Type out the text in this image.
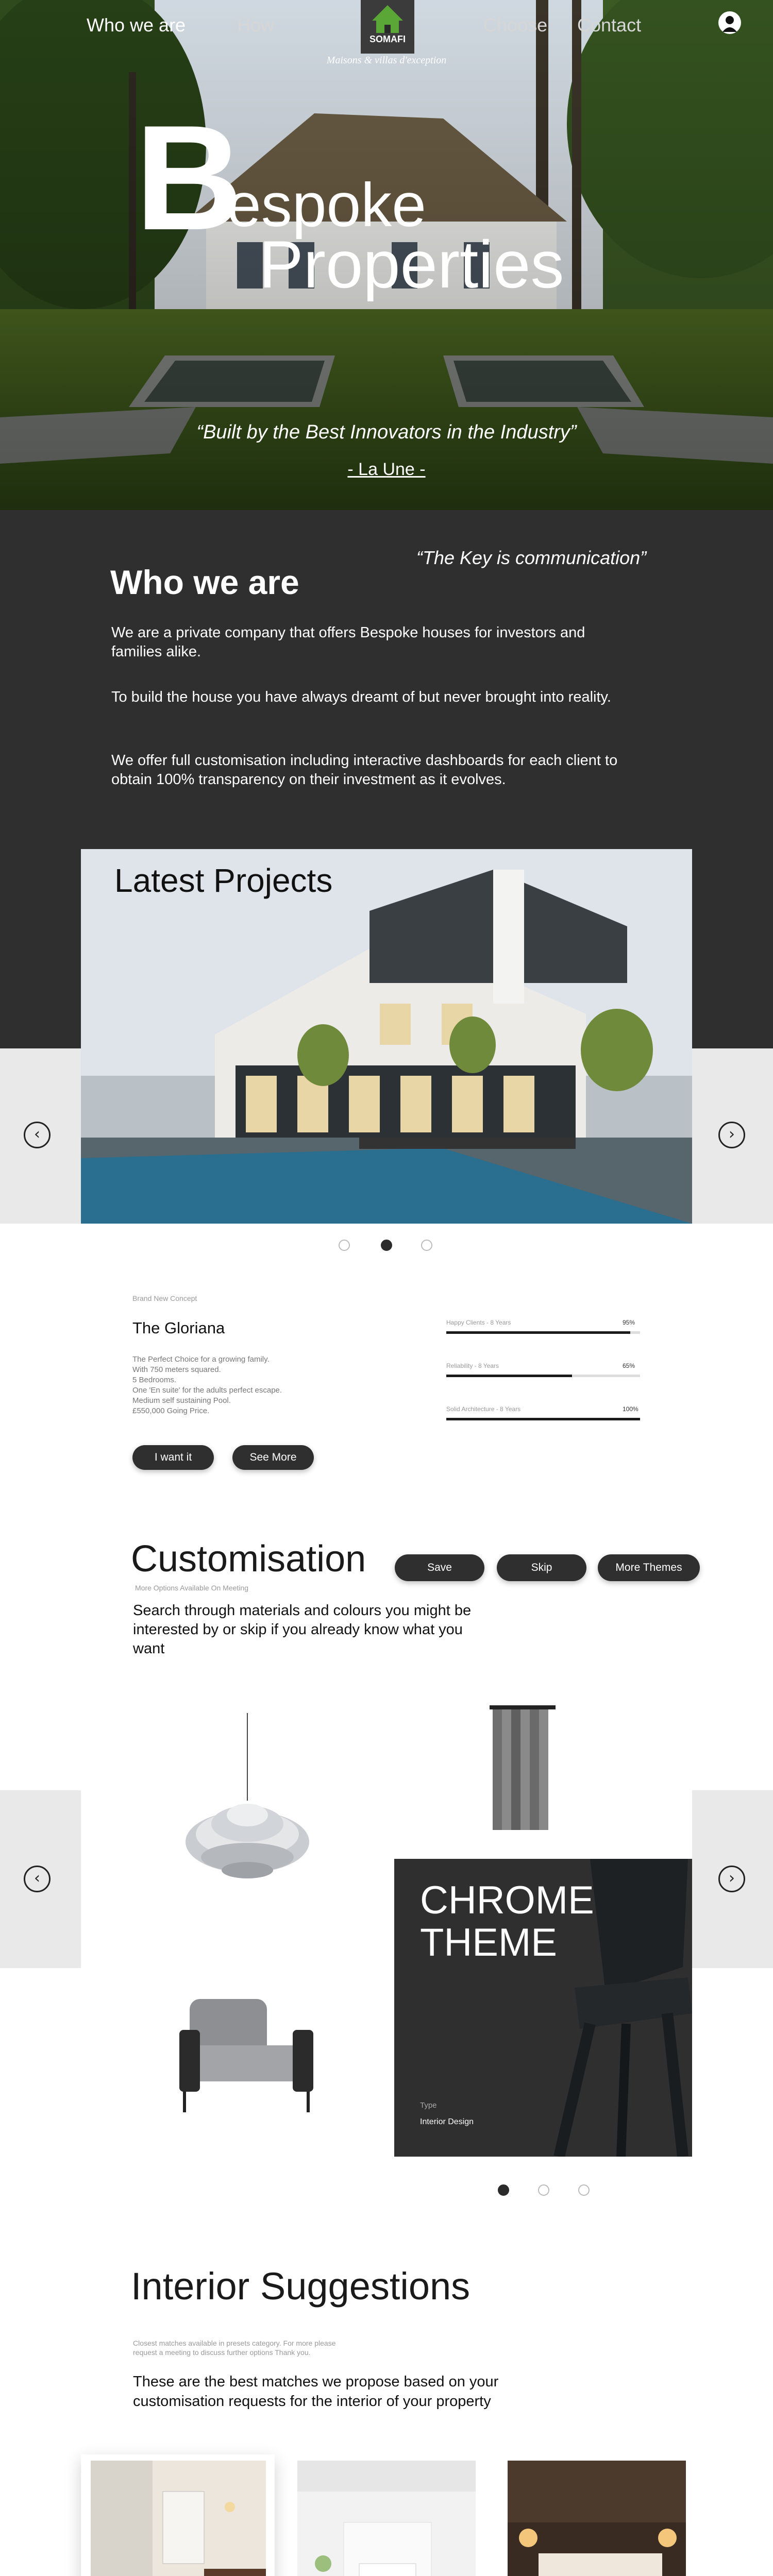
Who we are	How
SOMAFI
Maisons & villas d'exception
Choose Contact
B
espoke
Properties
“Built by the Best Innovators in the Industry”
- La Une -
“The Key is communication”
Who we are
We are a private company that offers Bespoke houses for investors and families alike.
To build the house you have always dreamt of but never brought into reality.
We offer full customisation including interactive dashboards for each client to obtain 100% transparency on their investment as it evolves.
‹	›
Latest Projects
Brand New Concept
The Gloriana
The Perfect Choice for a growing family.
With 750 meters squared.
5 Bedrooms.
One 'En suite' for the adults perfect escape.
Medium self sustaining Pool.
£550,000 Going Price.
I want it	See More
Happy Clients - 8 Years	95%
Reliability - 8 Years	65%
Solid Architecture - 8 Years	100%
Customisation
More Options Available On Meeting
Search through materials and colours you might be interested by or skip if you already know what you want
Save	Skip	More Themes
‹	›
CHROME
THEME
Type
Interior Design
Interior Suggestions
Closest matches available in presets category. For more please
request a meeting to discuss further options Thank you.
These are the best matches we propose based on your customisation requests for the interior of your property
